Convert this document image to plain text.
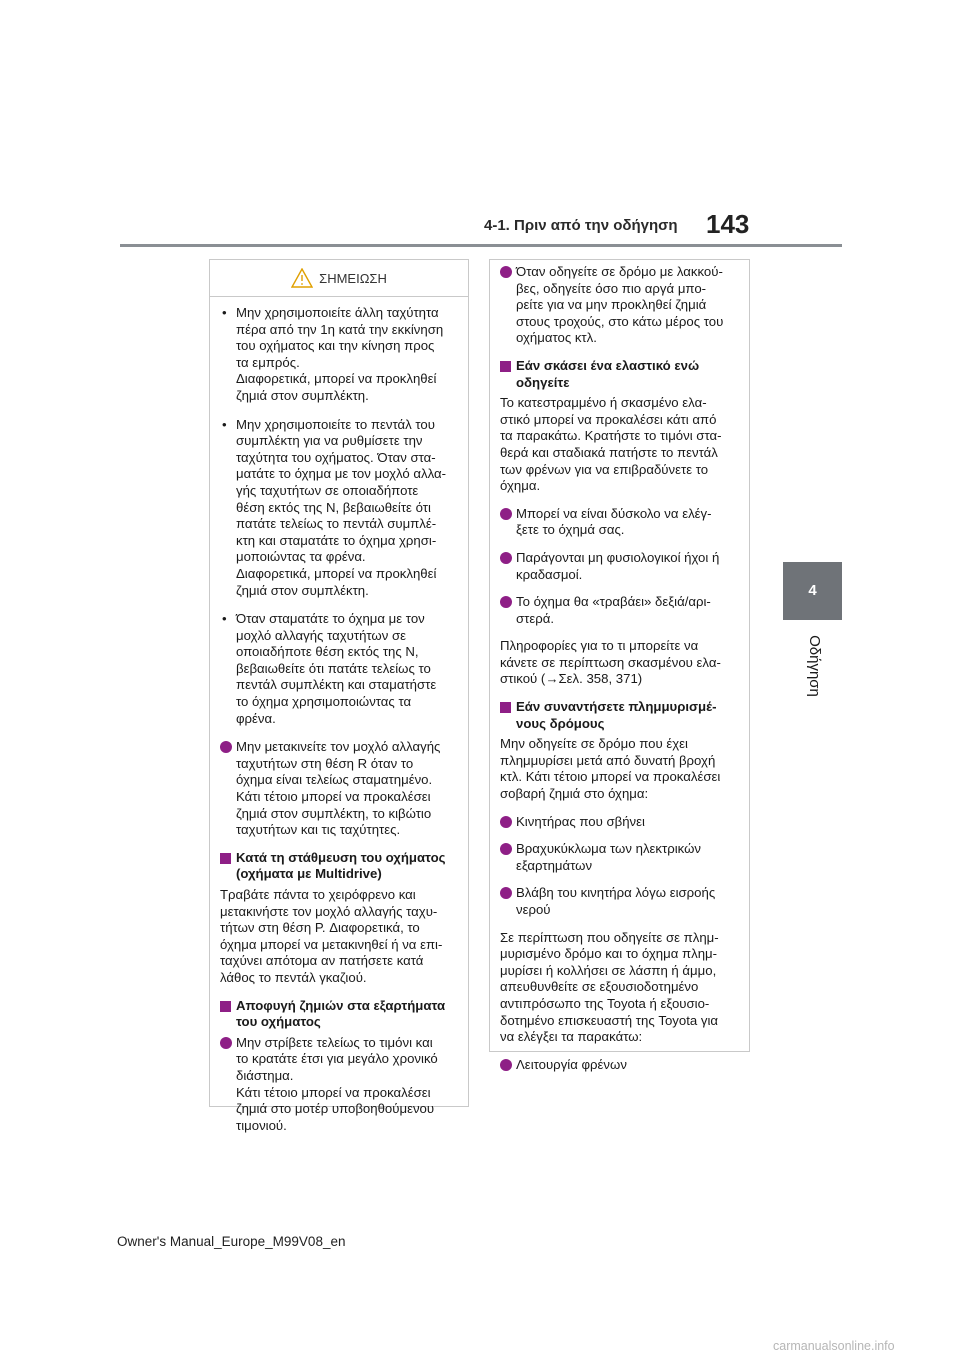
4-1. Πριν από την οδήγηση 143
4
Οδήγηση
ΣΗΜΕΙΩΣΗ
• Μην χρησιμοποιείτε άλλη ταχύτητα
πέρα από την 1η κατά την εκκίνηση
του οχήματος και την κίνηση προς
τα εμπρός.
Διαφορετικά, μπορεί να προκληθεί
ζημιά στον συμπλέκτη.
• Μην χρησιμοποιείτε το πεντάλ του
συμπλέκτη για να ρυθμίσετε την
ταχύτητα του οχήματος. Όταν στα-
ματάτε το όχημα με τον μοχλό αλλα-
γής ταχυτήτων σε οποιαδήποτε
θέση εκτός της N, βεβαιωθείτε ότι
πατάτε τελείως το πεντάλ συμπλέ-
κτη και σταματάτε το όχημα χρησι-
μοποιώντας τα φρένα.
Διαφορετικά, μπορεί να προκληθεί
ζημιά στον συμπλέκτη.
• Όταν σταματάτε το όχημα με τον
μοχλό αλλαγής ταχυτήτων σε
οποιαδήποτε θέση εκτός της N,
βεβαιωθείτε ότι πατάτε τελείως το
πεντάλ συμπλέκτη και σταματήστε
το όχημα χρησιμοποιώντας τα
φρένα.
Μην μετακινείτε τον μοχλό αλλαγής
ταχυτήτων στη θέση R όταν το
όχημα είναι τελείως σταματημένο.
Κάτι τέτοιο μπορεί να προκαλέσει
ζημιά στον συμπλέκτη, το κιβώτιο
ταχυτήτων και τις ταχύτητες.
Κατά τη στάθμευση του οχήματος
(οχήματα με Multidrive)
Τραβάτε πάντα το χειρόφρενο και
μετακινήστε τον μοχλό αλλαγής ταχυ-
τήτων στη θέση P. Διαφορετικά, το
όχημα μπορεί να μετακινηθεί ή να επι-
ταχύνει απότομα αν πατήσετε κατά
λάθος το πεντάλ γκαζιού.
Αποφυγή ζημιών στα εξαρτήματα
του οχήματος
Μην στρίβετε τελείως το τιμόνι και
το κρατάτε έτσι για μεγάλο χρονικό
διάστημα.
Κάτι τέτοιο μπορεί να προκαλέσει
ζημιά στο μοτέρ υποβοηθούμενου
τιμονιού.
Όταν οδηγείτε σε δρόμο με λακκού-
βες, οδηγείτε όσο πιο αργά μπο-
ρείτε για να μην προκληθεί ζημιά
στους τροχούς, στο κάτω μέρος του
οχήματος κτλ.
Εάν σκάσει ένα ελαστικό ενώ
οδηγείτε
Το κατεστραμμένο ή σκασμένο ελα-
στικό μπορεί να προκαλέσει κάτι από
τα παρακάτω. Κρατήστε το τιμόνι στα-
θερά και σταδιακά πατήστε το πεντάλ
των φρένων για να επιβραδύνετε το
όχημα.
Μπορεί να είναι δύσκολο να ελέγ-
ξετε το όχημά σας.
Παράγονται μη φυσιολογικοί ήχοι ή
κραδασμοί.
Το όχημα θα «τραβάει» δεξιά/αρι-
στερά.
Πληροφορίες για το τι μπορείτε να
κάνετε σε περίπτωση σκασμένου ελα-
στικού (→Σελ. 358, 371)
Εάν συναντήσετε πλημμυρισμέ-
νους δρόμους
Μην οδηγείτε σε δρόμο που έχει
πλημμυρίσει μετά από δυνατή βροχή
κτλ. Κάτι τέτοιο μπορεί να προκαλέσει
σοβαρή ζημιά στο όχημα:
Κινητήρας που σβήνει
Βραχυκύκλωμα των ηλεκτρικών
εξαρτημάτων
Βλάβη του κινητήρα λόγω εισροής
νερού
Σε περίπτωση που οδηγείτε σε πλημ-
μυρισμένο δρόμο και το όχημα πλημ-
μυρίσει ή κολλήσει σε λάσπη ή άμμο,
απευθυνθείτε σε εξουσιοδοτημένο
αντιπρόσωπο της Toyota ή εξουσιο-
δοτημένο επισκευαστή της Toyota για
να ελέγξει τα παρακάτω:
Λειτουργία φρένων
Owner's Manual_Europe_M99V08_en
carmanualsonline.info
